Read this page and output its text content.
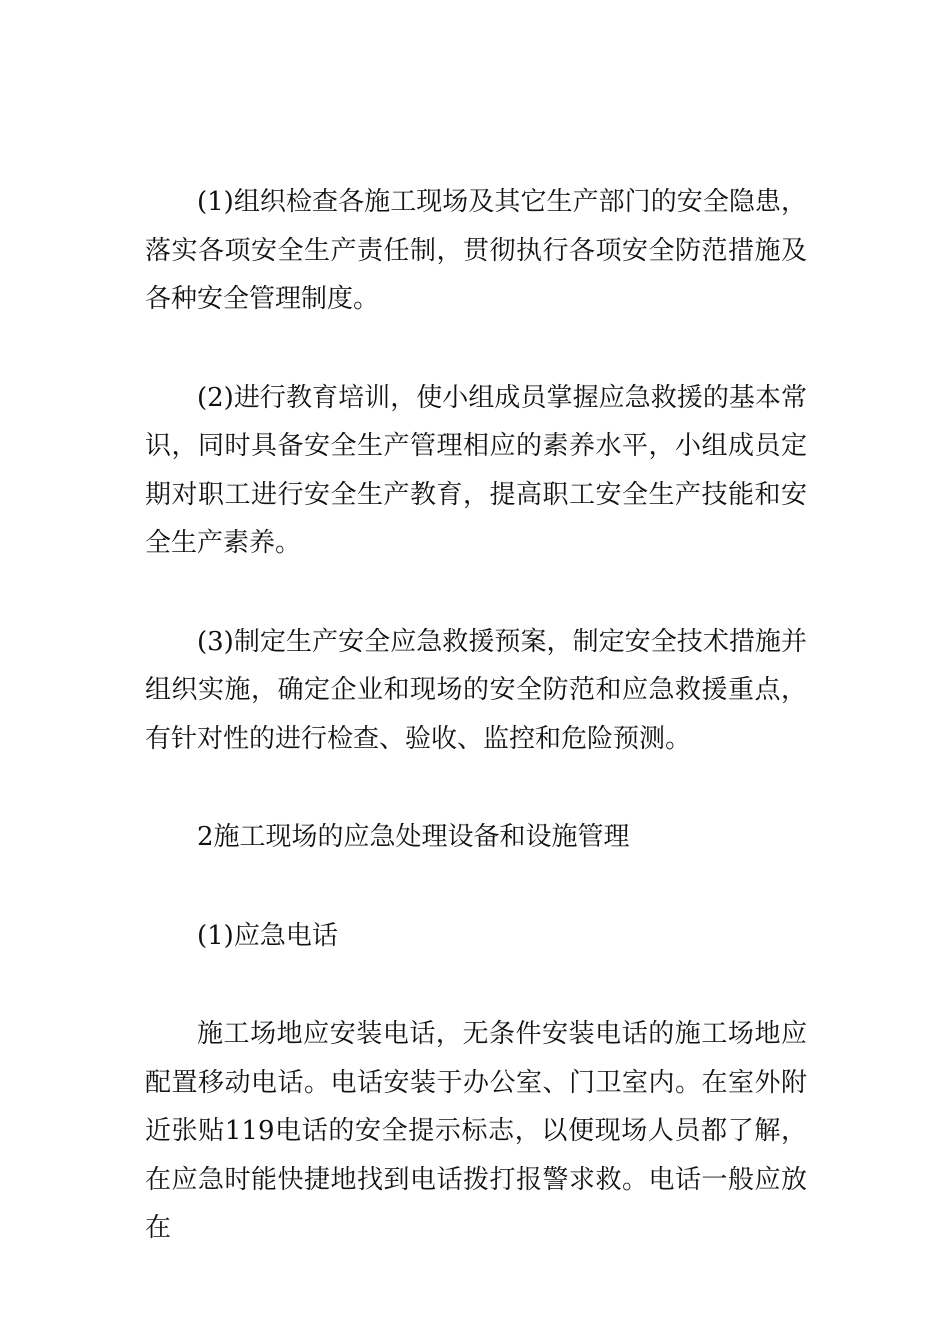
(1)组织检查各施工现场及其它生产部门的安全隐患，落实各项安全生产责任制，贯彻执行各项安全防范措施及各种安全管理制度。

(2)进行教育培训，使小组成员掌握应急救援的基本常识，同时具备安全生产管理相应的素养水平，小组成员定期对职工进行安全生产教育，提高职工安全生产技能和安全生产素养。

(3)制定生产安全应急救援预案，制定安全技术措施并组织实施，确定企业和现场的安全防范和应急救援重点，有针对性的进行检查、验收、监控和危险预测。

2施工现场的应急处理设备和设施管理

(1)应急电话

施工场地应安装电话，无条件安装电话的施工场地应配置移动电话。电话安装于办公室、门卫室内。在室外附近张贴119电话的安全提示标志，以便现场人员都了解，在应急时能快捷地找到电话拨打报警求救。电话一般应放在
